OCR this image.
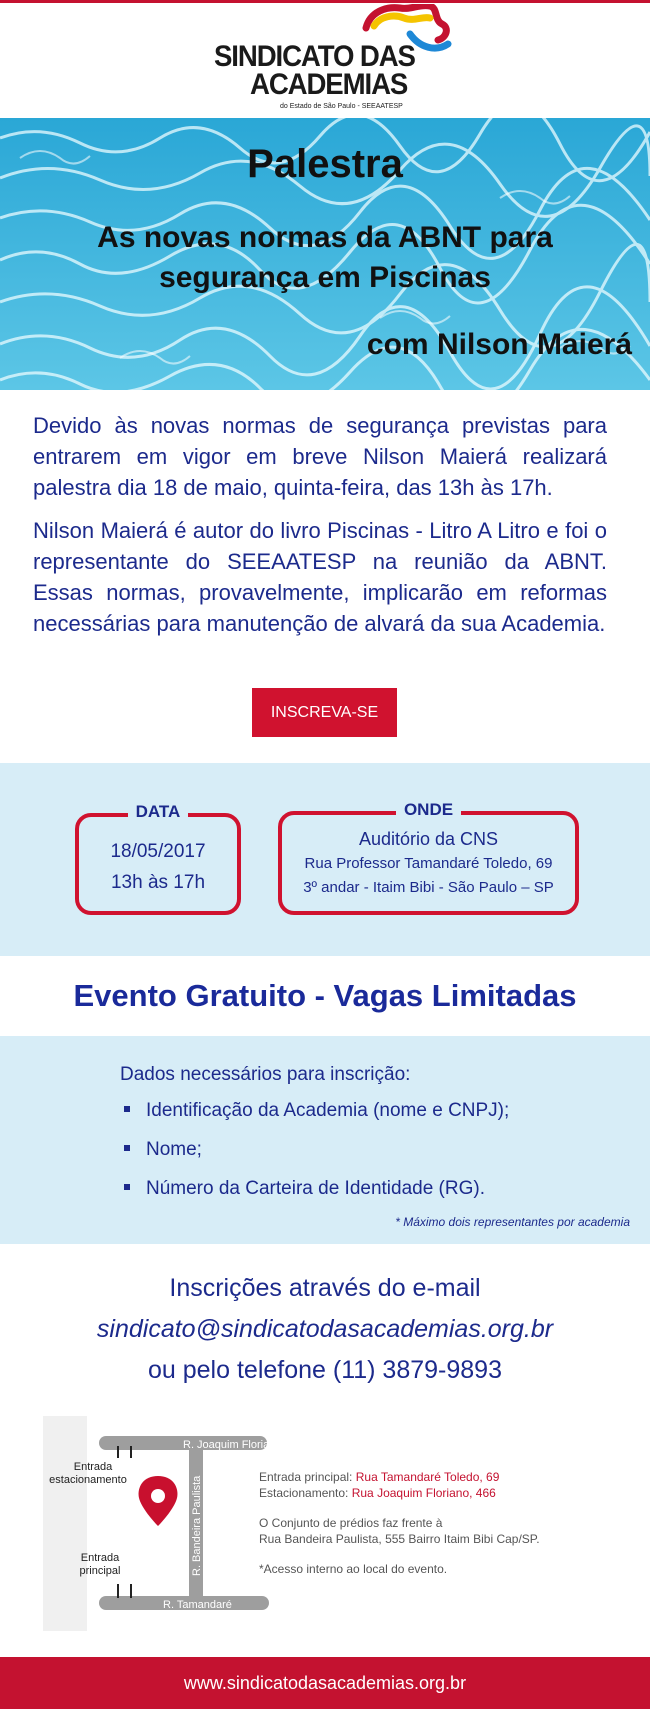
SINDICATO DAS
ACADEMIAS
do Estado de São Paulo - SEEAATESP
Palestra
As novas normas da ABNT para
segurança em Piscinas
com Nilson Maierá

Devido às novas normas de segurança previstas para entrarem em vigor em breve Nilson Maierá realizará palestra dia 18 de maio, quinta-feira, das 13h às 17h.

Nilson Maierá é autor do livro Piscinas - Litro A Litro e foi o representante do SEEAATESP na reunião da ABNT. Essas normas, provavelmente, implicarão em reformas necessárias para manutenção de alvará da sua Academia.

INSCREVA-SE
DATA
18/05/2017
13h às 17h
ONDE
Auditório da CNS
Rua Professor Tamandaré Toledo, 69
3º andar - Itaim Bibi - São Paulo – SP
Evento Gratuito - Vagas Limitadas
Dados necessários para inscrição:
Identificação da Academia (nome e CNPJ);
Nome;
Número da Carteira de Identidade (RG).
* Máximo dois representantes por academia
Inscrições através do e-mail
sindicato@sindicatodasacademias.org.br
ou pelo telefone (11) 3879-9893
R. Joaquim Floriano
R. Tamandaré
R. Bandeira Paulista
Entrada
estacionamento
Entrada
principal
Entrada principal: Rua Tamandaré Toledo, 69
Estacionamento: Rua Joaquim Floriano, 466
O Conjunto de prédios faz frente à
Rua Bandeira Paulista, 555 Bairro Itaim Bibi Cap/SP.
*Acesso interno ao local do evento.
www.sindicatodasacademias.org.br
